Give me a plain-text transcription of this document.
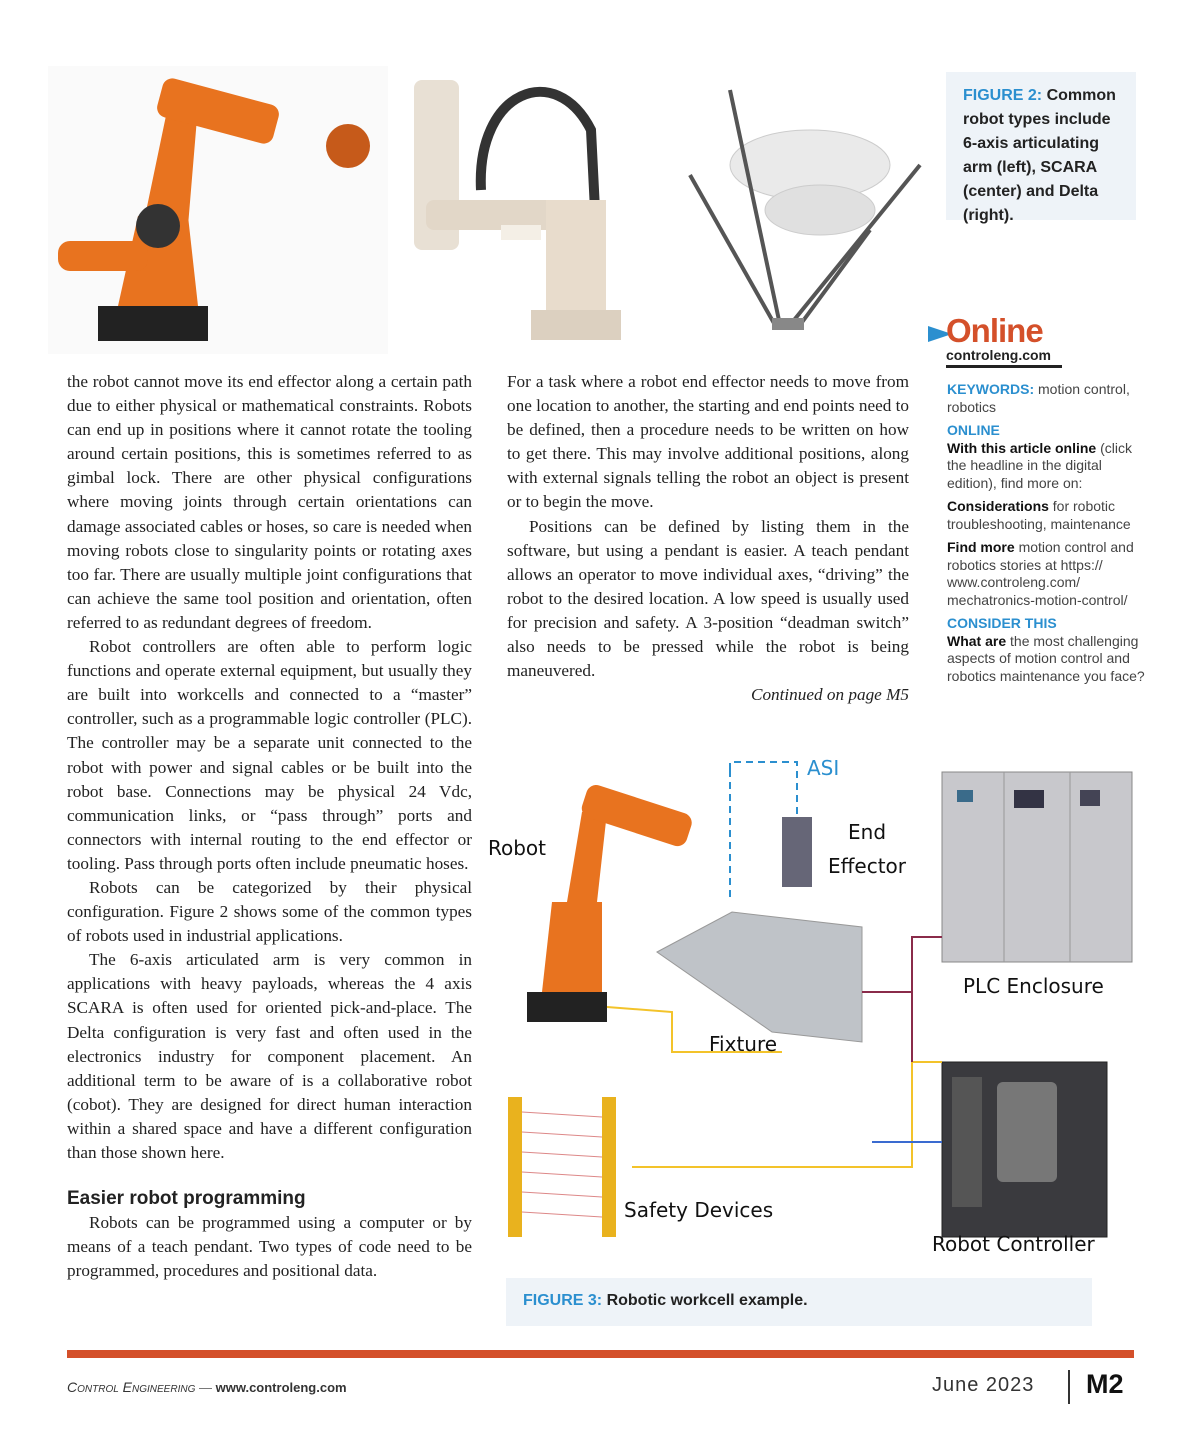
FIGURE 2: Common robot types include 6-axis articulating arm (left), SCARA (center) and Delta (right).
Online
controleng.com

KEYWORDS: motion control, robotics

ONLINE

With this article online (click the headline in the digital edition), find more on:

Considerations for robotic troubleshooting, maintenance

Find more motion control and robotics stories at https:// www.controleng.com/ mechatronics-motion-control/

CONSIDER THIS

What are the most challenging aspects of motion control and robotics maintenance you face?

the robot cannot move its end effector along a certain path due to either physical or mathematical constraints. Robots can end up in positions where it cannot rotate the tooling around certain positions, this is sometimes referred to as gimbal lock. There are other physical configurations where moving joints through certain orientations can damage associated cables or hoses, so care is needed when moving robots close to singularity points or rotating axes too far. There are usually multiple joint configurations that can achieve the same tool position and orientation, often referred to as redundant degrees of freedom.

Robot controllers are often able to perform logic functions and operate external equipment, but usually they are built into workcells and connected to a “master” controller, such as a programmable logic controller (PLC). The controller may be a separate unit connected to the robot with power and signal cables or be built into the robot base. Connections may be physical 24 Vdc, communication links, or “pass through” ports and connectors with internal routing to the end effector or tooling. Pass through ports often include pneumatic hoses.

Robots can be categorized by their physical configuration. Figure 2 shows some of the common types of robots used in industrial applications.

The 6-axis articulated arm is very common in applications with heavy payloads, whereas the 4 axis SCARA is often used for oriented pick-and-place. The Delta configuration is very fast and often used in the electronics industry for component placement. An additional term to be aware of is a collaborative robot (cobot). They are designed for direct human interaction within a shared space and have a different configuration than those shown here.

Easier robot programming

Robots can be programmed using a computer or by means of a teach pendant. Two types of code need to be programmed, procedures and positional data.

For a task where a robot end effector needs to move from one location to another, the starting and end points need to be defined, then a procedure needs to be written on how to get there. This may involve additional positions, along with external signals telling the robot an object is present or to begin the move.

Positions can be defined by listing them in the software, but using a pendant is easier. A teach pendant allows an operator to move individual axes, “driving” the robot to the desired location. A low speed is usually used for precision and safety. A 3-position “deadman switch” also needs to be pressed while the robot is being maneuvered.

Continued on page M5

ASI
Robot
End
Effector
PLC Enclosure
Fixture
Safety Devices
Robot Controller
FIGURE 3: Robotic workcell example.
Control Engineering — www.controleng.com	June 2023 M2
